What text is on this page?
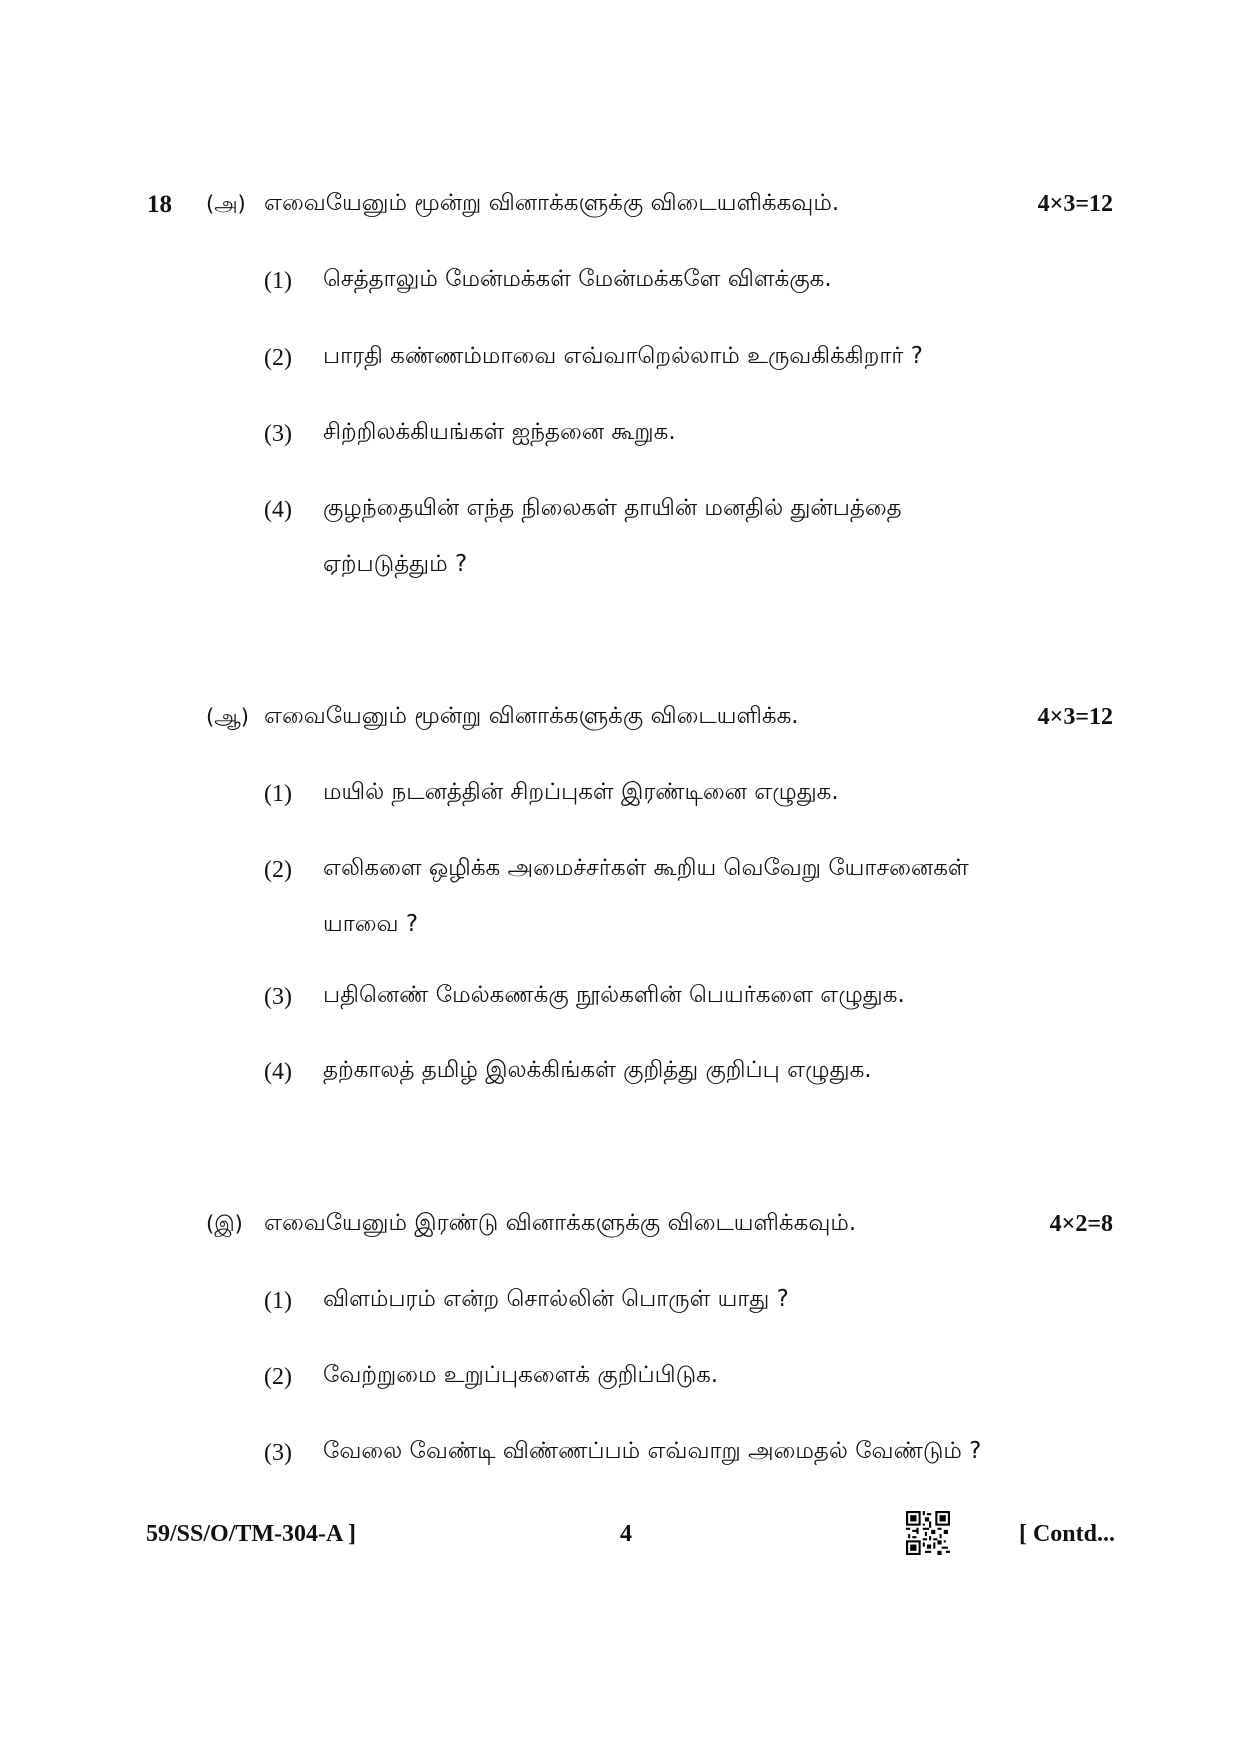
18 (அ) எவையேனும் மூன்று வினாக்களுக்கு விடையளிக்கவும்.	4×3=12
(1) செத்தாலும் மேன்மக்கள் மேன்மக்களே விளக்குக.
(2) பாரதி கண்ணம்மாவை எவ்வாறெல்லாம் உருவகிக்கிறார் ?
(3) சிற்றிலக்கியங்கள் ஐந்தனை கூறுக.
(4) குழந்தையின் எந்த நிலைகள் தாயின் மனதில் துன்பத்தை
ஏற்படுத்தும் ?
(ஆ) எவையேனும் மூன்று வினாக்களுக்கு விடையளிக்க.	4×3=12
(1) மயில் நடனத்தின் சிறப்புகள் இரண்டினை எழுதுக.
(2) எலிகளை ஒழிக்க அமைச்சர்கள் கூறிய வெவேறு யோசனைகள்
யாவை ?
(3) பதினெண் மேல்கணக்கு நூல்களின் பெயர்களை எழுதுக.
(4) தற்காலத் தமிழ் இலக்கிங்கள் குறித்து குறிப்பு எழுதுக.
(இ) எவையேனும் இரண்டு வினாக்களுக்கு விடையளிக்கவும்.	4×2=8
(1) விளம்பரம் என்ற சொல்லின் பொருள் யாது ?
(2) வேற்றுமை உறுப்புகளைக் குறிப்பிடுக.
(3) வேலை வேண்டி விண்ணப்பம் எவ்வாறு அமைதல் வேண்டும் ?
59/SS/O/TM-304-A ]	4	[ Contd...
